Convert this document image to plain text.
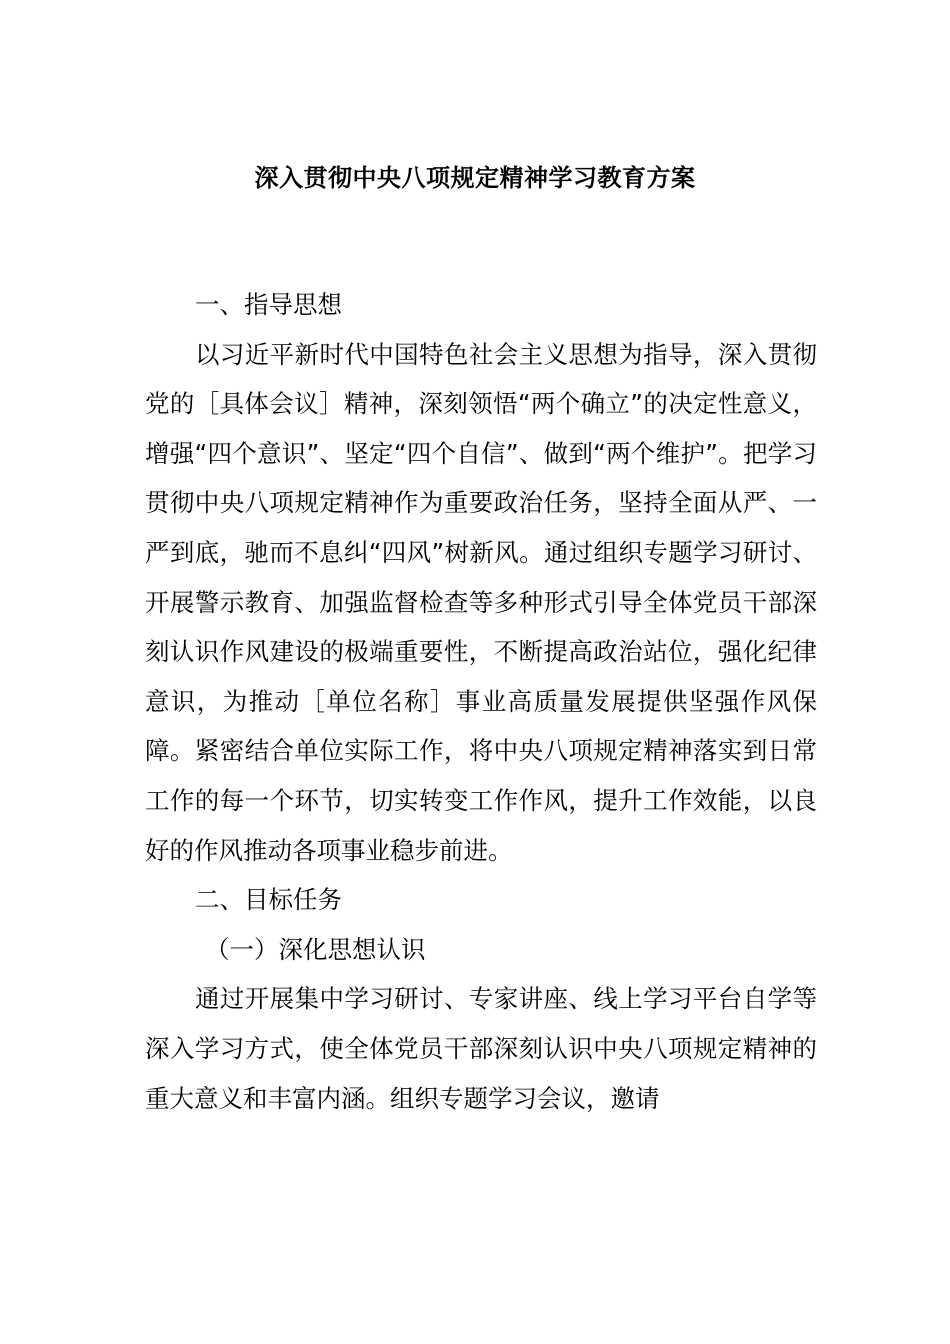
深入贯彻中央八项规定精神学习教育方案

一、指导思想

以习近平新时代中国特色社会主义思想为指导，深入贯彻党的［具体会议］精神，深刻领悟“两个确立”的决定性意义，增强“四个意识”、坚定“四个自信”、做到“两个维护”。把学习贯彻中央八项规定精神作为重要政治任务，坚持全面从严、一严到底，驰而不息纠“四风”树新风。通过组织专题学习研讨、开展警示教育、加强监督检查等多种形式引导全体党员干部深刻认识作风建设的极端重要性，不断提高政治站位，强化纪律意识，为推动［单位名称］事业高质量发展提供坚强作风保障。紧密结合单位实际工作，将中央八项规定精神落实到日常工作的每一个环节，切实转变工作作风，提升工作效能，以良好的作风推动各项事业稳步前进。

二、目标任务

（一）深化思想认识

通过开展集中学习研讨、专家讲座、线上学习平台自学等深入学习方式，使全体党员干部深刻认识中央八项规定精神的重大意义和丰富内涵。组织专题学习会议，邀请
